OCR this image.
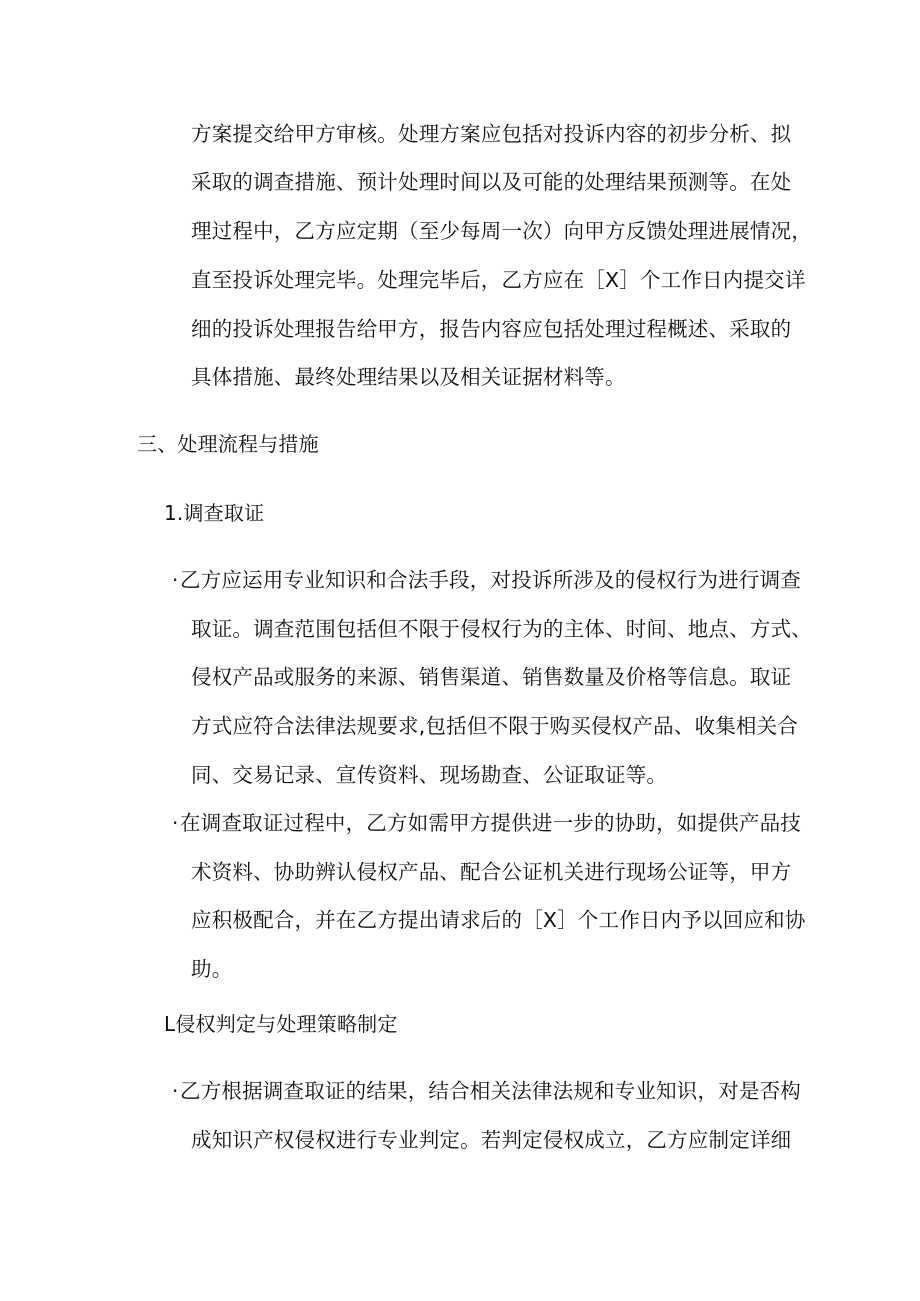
方案提交给甲方审核。处理方案应包括对投诉内容的初步分析、拟
采取的调查措施、预计处理时间以及可能的处理结果预测等。在处
理过程中，乙方应定期（至少每周一次）向甲方反馈处理进展情况，
直至投诉处理完毕。处理完毕后，乙方应在［X］个工作日内提交详
细的投诉处理报告给甲方，报告内容应包括处理过程概述、采取的
具体措施、最终处理结果以及相关证据材料等。
三、处理流程与措施
1.调查取证
· 乙方应运用专业知识和合法手段，对投诉所涉及的侵权行为进行调查
取证。调查范围包括但不限于侵权行为的主体、时间、地点、方式、
侵权产品或服务的来源、销售渠道、销售数量及价格等信息。取证
方式应符合法律法规要求,包括但不限于购买侵权产品、收集相关合
同、交易记录、宣传资料、现场勘查、公证取证等。
· 在调查取证过程中，乙方如需甲方提供进一步的协助，如提供产品技
术资料、协助辨认侵权产品、配合公证机关进行现场公证等，甲方
应积极配合，并在乙方提出请求后的［X］个工作日内予以回应和协
助。
L侵权判定与处理策略制定
· 乙方根据调查取证的结果，结合相关法律法规和专业知识，对是否构
成知识产权侵权进行专业判定。若判定侵权成立，乙方应制定详细
